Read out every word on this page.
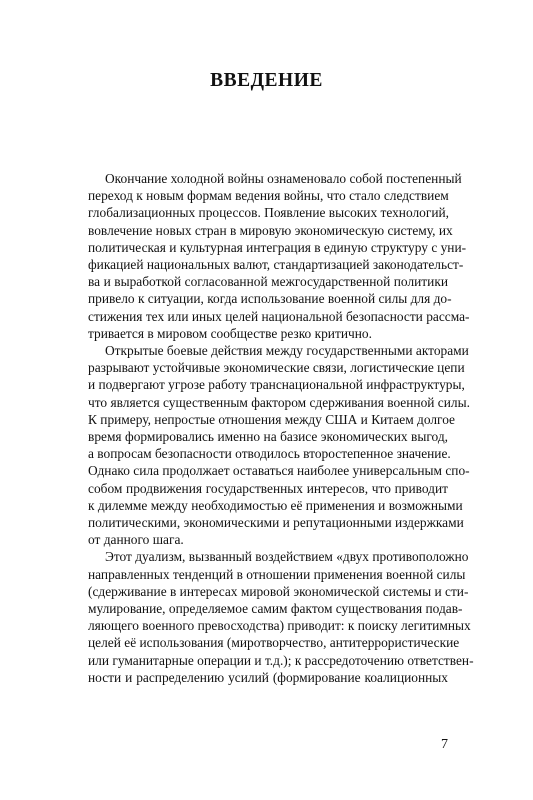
ВВЕДЕНИЕ

Окончание холодной войны ознаменовало собой постепенный
переход к новым формам ведения войны, что стало следствием
глобализационных процессов. Появление высоких технологий,
вовлечение новых стран в мировую экономическую систему, их
политическая и культурная интеграция в единую структуру с уни-
фикацией национальных валют, стандартизацией законодательст-
ва и выработкой согласованной межгосударственной политики
привело к ситуации, когда использование военной силы для до-
стижения тех или иных целей национальной безопасности рассма-
тривается в мировом сообществе резко критично.

Открытые боевые действия между государственными акторами
разрывают устойчивые экономические связи, логистические цепи
и подвергают угрозе работу транснациональной инфраструктуры,
что является существенным фактором сдерживания военной силы.
К примеру, непростые отношения между США и Китаем долгое
время формировались именно на базисе экономических выгод,
а вопросам безопасности отводилось второстепенное значение.
Однако сила продолжает оставаться наиболее универсальным спо-
собом продвижения государственных интересов, что приводит
к дилемме между необходимостью её применения и возможными
политическими, экономическими и репутационными издержками
от данного шага.

Этот дуализм, вызванный воздействием «двух противоположно
направленных тенденций в отношении применения военной силы
(сдерживание в интересах мировой экономической системы и сти-
мулирование, определяемое самим фактом существования подав-
ляющего военного превосходства) приводит: к поиску легитимных
целей её использования (миротворчество, антитеррористические
или гуманитарные операции и т.д.); к рассредоточению ответствен-
ности и распределению усилий (формирование коалиционных

7
